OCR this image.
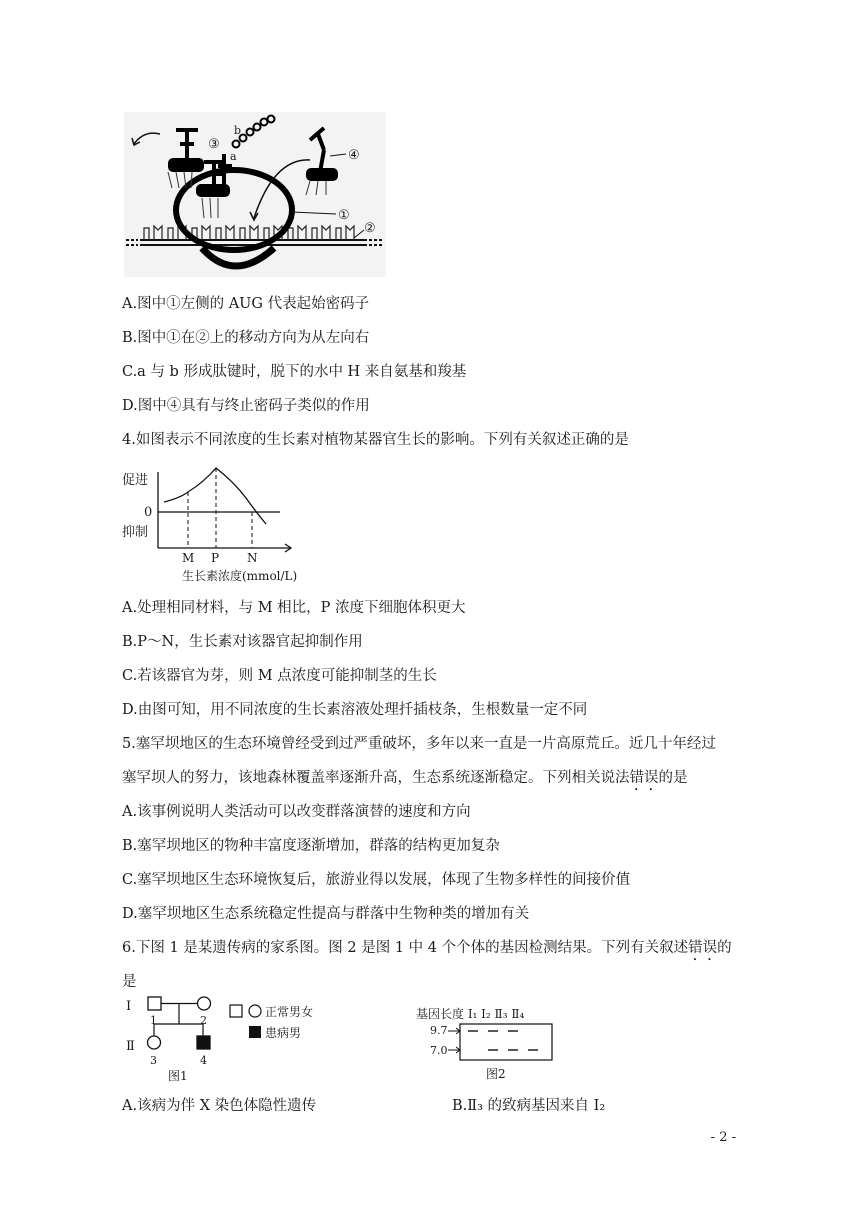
a
b
④
①
②
③
A.图中①左侧的 AUG 代表起始密码子
B.图中①在②上的移动方向为从左向右
C.a 与 b 形成肽键时，脱下的水中 H 来自氨基和羧基
D.图中④具有与终止密码子类似的作用
4.如图表示不同浓度的生长素对植物某器官生长的影响。下列有关叙述正确的是
促进
0
抑制
M P N
生长素浓度(mmol/L)
A.处理相同材料，与 M 相比，P 浓度下细胞体积更大
B.P～N，生长素对该器官起抑制作用
C.若该器官为芽，则 M 点浓度可能抑制茎的生长
D.由图可知，用不同浓度的生长素溶液处理扦插枝条，生根数量一定不同
5.塞罕坝地区的生态环境曾经受到过严重破坏，多年以来一直是一片高原荒丘。近几十年经过
塞罕坝人的努力，该地森林覆盖率逐渐升高，生态系统逐渐稳定。下列相关说法错误的是
A.该事例说明人类活动可以改变群落演替的速度和方向
B.塞罕坝地区的物种丰富度逐渐增加，群落的结构更加复杂
C.塞罕坝地区生态环境恢复后，旅游业得以发展，体现了生物多样性的间接价值
D.塞罕坝地区生态系统稳定性提高与群落中生物种类的增加有关
6.下图 1 是某遗传病的家系图。图 2 是图 1 中 4 个个体的基因检测结果。下列有关叙述错误的
是
Ⅰ
Ⅱ
1	2
3	4
图1
正常男女
患病男
基因长度 I₁ I₂ Ⅱ₃ Ⅱ₄
9.7
7.0
图2
A.该病为伴 X 染色体隐性遗传	B.Ⅱ₃ 的致病基因来自 I₂
- 2 -
